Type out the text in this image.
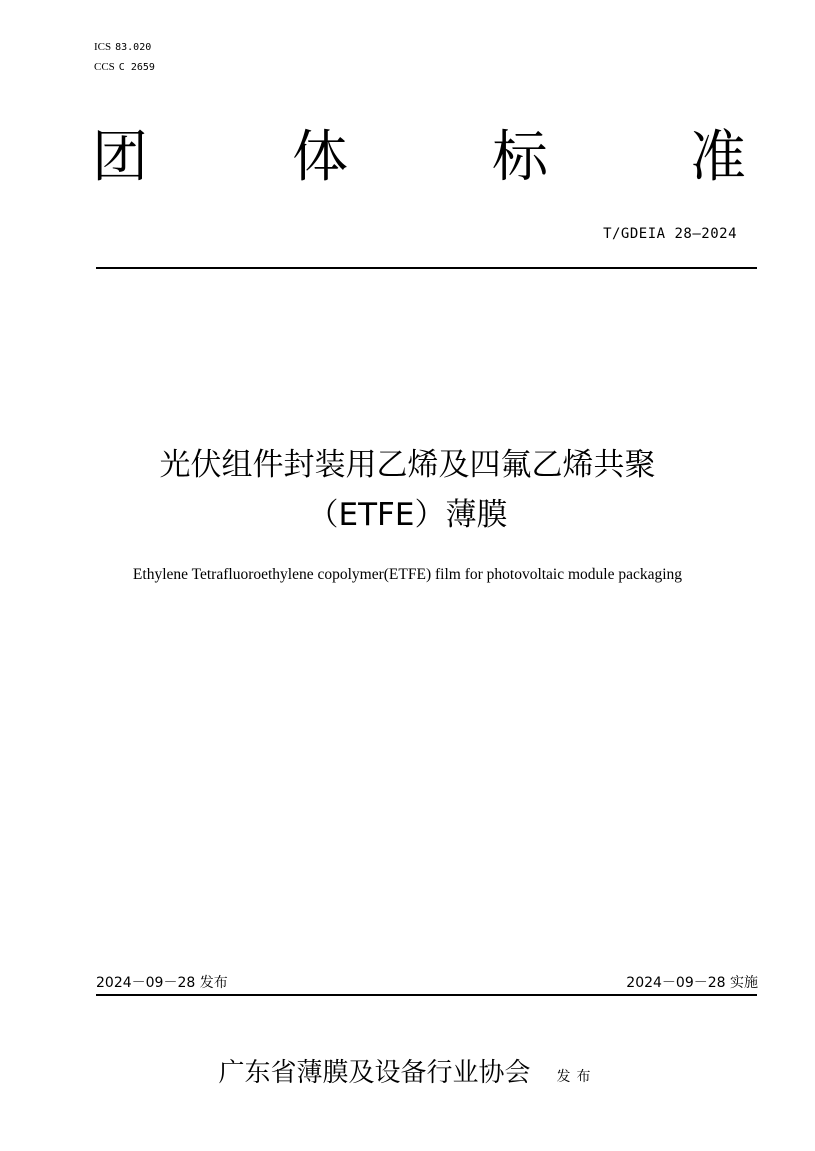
ICS 83.020
CCS C 2659
团	体	标	准
T/GDEIA 28—2024
光伏组件封装用乙烯及四氟乙烯共聚
（ETFE）薄膜
Ethylene Tetrafluoroethylene copolymer(ETFE) film for photovoltaic module packaging
2024－09－28 发布	2024－09－28 实施
广东省薄膜及设备行业协会 发布
